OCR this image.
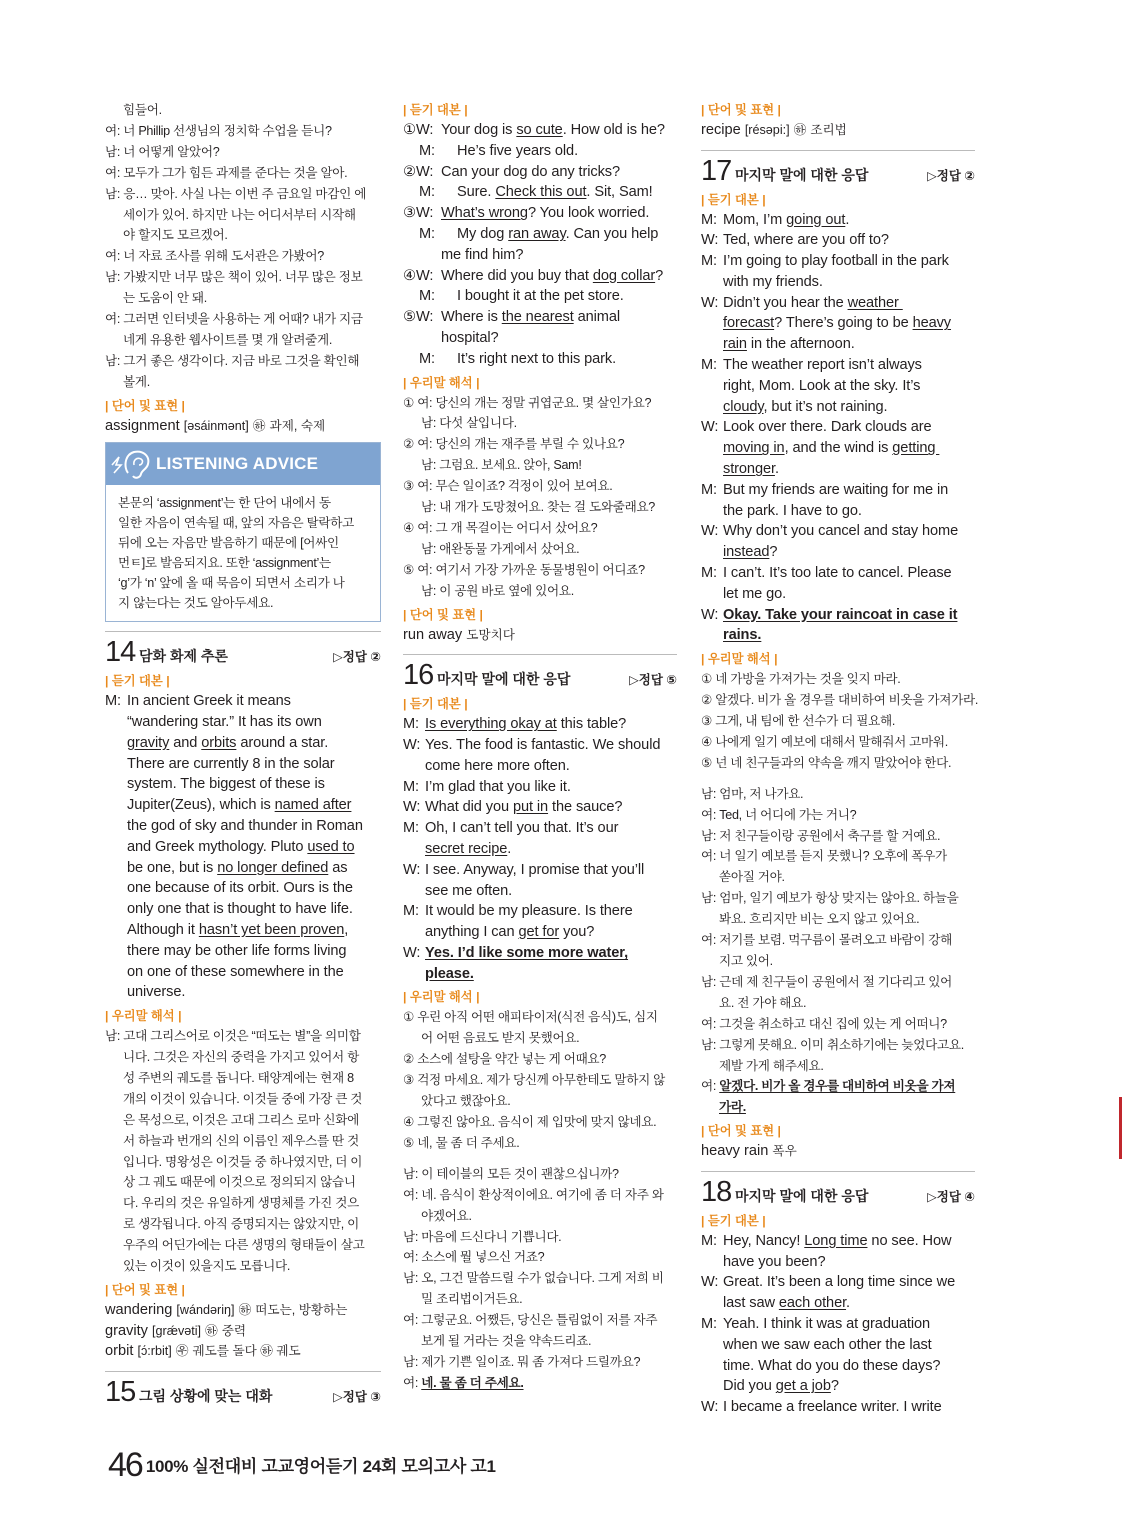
힘들어.
여: 너 Phillip 선생님의 정치학 수업을 듣니?
남: 너 어떻게 알았어?
여: 모두가 그가 힘든 과제를 준다는 것을 알아.
남: 응… 맞아. 사실 나는 이번 주 금요일 마감인 에
세이가 있어. 하지만 나는 어디서부터 시작해
야 할지도 모르겠어.
여: 너 자료 조사를 위해 도서관은 가봤어?
남: 가봤지만 너무 많은 책이 있어. 너무 많은 정보
는 도움이 안 돼.
여: 그러면 인터넷을 사용하는 게 어때? 내가 지금
네게 유용한 웹사이트를 몇 개 알려줄게.
남: 그거 좋은 생각이다. 지금 바로 그것을 확인해
볼게.
| 단어 및 표현 |
assignment [əsáinmənt] ㉻ 과제, 숙제
LISTENING ADVICE
본문의 ‘assignment’는 한 단어 내에서 동
일한 자음이 연속될 때, 앞의 자음은 탈락하고
뒤에 오는 자음만 발음하기 때문에 [어싸인
먼ㅌ]로 발음되지요. 또한 ‘assignment’는
‘g’가 ‘n’ 앞에 올 때 묵음이 되면서 소리가 나
지 않는다는 것도 알아두세요.
14 담화 화제 추론	▷정답 ②
| 듣기 대본 |
M: In ancient Greek it means
“wandering star.” It has its own
gravity and orbits around a star.
There are currently 8 in the solar
system. The biggest of these is
Jupiter(Zeus), which is named after
the god of sky and thunder in Roman
and Greek mythology. Pluto used to
be one, but is no longer defined as
one because of its orbit. Ours is the
only one that is thought to have life.
Although it hasn’t yet been proven,
there may be other life forms living
on one of these somewhere in the
universe.
| 우리말 해석 |
남: 고대 그리스어로 이것은 “떠도는 별”을 의미합
니다. 그것은 자신의 중력을 가지고 있어서 항
성 주변의 궤도를 돕니다. 태양계에는 현재 8
개의 이것이 있습니다. 이것들 중에 가장 큰 것
은 목성으로, 이것은 고대 그리스 로마 신화에
서 하늘과 번개의 신의 이름인 제우스를 딴 것
입니다. 명왕성은 이것들 중 하나였지만, 더 이
상 그 궤도 때문에 이것으로 정의되지 않습니
다. 우리의 것은 유일하게 생명체를 가진 것으
로 생각됩니다. 아직 증명되지는 않았지만, 이
우주의 어딘가에는 다른 생명의 형태들이 살고
있는 이것이 있을지도 모릅니다.
| 단어 및 표현 |
wandering [wándəriŋ] ㉻ 떠도는, 방황하는
gravity [grǽvəti] ㉻ 중력
orbit [ɔ́:rbit] ㉾ 궤도를 돌다 ㉻ 궤도
15 그림 상황에 맞는 대화	▷정답 ③
| 듣기 대본 |
①W: Your dog is so cute. How old is he?
M:	He’s five years old.
②W: Can your dog do any tricks?
M:	Sure. Check this out. Sit, Sam!
③W: What’s wrong? You look worried.
M:	My dog ran away. Can you help
me find him?
④W: Where did you buy that dog collar?
M:	I bought it at the pet store.
⑤W: Where is the nearest animal
hospital?
M:	It’s right next to this park.
| 우리말 해석 |
① 여: 당신의 개는 정말 귀엽군요. 몇 살인가요?
남: 다섯 살입니다.
② 여: 당신의 개는 재주를 부릴 수 있나요?
남: 그럼요. 보세요. 앉아, Sam!
③ 여: 무슨 일이죠? 걱정이 있어 보여요.
남: 내 개가 도망쳤어요. 찾는 걸 도와줄래요?
④ 여: 그 개 목걸이는 어디서 샀어요?
남: 애완동물 가게에서 샀어요.
⑤ 여: 여기서 가장 가까운 동물병원이 어디죠?
남: 이 공원 바로 옆에 있어요.
| 단어 및 표현 |
run away 도망치다
16 마지막 말에 대한 응답	▷정답 ⑤
| 듣기 대본 |
M: Is everything okay at this table?
W: Yes. The food is fantastic. We should
come here more often.
M: I’m glad that you like it.
W: What did you put in the sauce?
M: Oh, I can’t tell you that. It’s our
secret recipe.
W: I see. Anyway, I promise that you’ll
see me often.
M: It would be my pleasure. Is there
anything I can get for you?
W: Yes. I’d like some more water,
please.
| 우리말 해석 |
① 우린 아직 어떤 애피타이저(식전 음식)도, 심지
어 어떤 음료도 받지 못했어요.
② 소스에 설탕을 약간 넣는 게 어때요?
③ 걱정 마세요. 제가 당신께 아무한테도 말하지 않
았다고 했잖아요.
④ 그렇진 않아요. 음식이 제 입맛에 맞지 않네요.
⑤ 네, 물 좀 더 주세요.
남: 이 테이블의 모든 것이 괜찮으십니까?
여: 네. 음식이 환상적이에요. 여기에 좀 더 자주 와
야겠어요.
남: 마음에 드신다니 기쁩니다.
여: 소스에 뭘 넣으신 거죠?
남: 오, 그건 말씀드릴 수가 없습니다. 그게 저희 비
밀 조리법이거든요.
여: 그렇군요. 어쨌든, 당신은 틀림없이 저를 자주
보게 될 거라는 것을 약속드리죠.
남: 제가 기쁜 일이죠. 뭐 좀 가져다 드릴까요?
여: 네. 물 좀 더 주세요.
| 단어 및 표현 |
recipe [résəpi:] ㉻ 조리법
17 마지막 말에 대한 응답	▷정답 ②
| 듣기 대본 |
M: Mom, I’m going out.
W: Ted, where are you off to?
M: I’m going to play football in the park
with my friends.
W: Didn’t you hear the weather
forecast? There’s going to be heavy
rain in the afternoon.
M: The weather report isn’t always
right, Mom. Look at the sky. It’s
cloudy, but it’s not raining.
W: Look over there. Dark clouds are
moving in, and the wind is getting
stronger.
M: But my friends are waiting for me in
the park. I have to go.
W: Why don’t you cancel and stay home
instead?
M: I can’t. It’s too late to cancel. Please
let me go.
W: Okay. Take your raincoat in case it
rains.
| 우리말 해석 |
① 네 가방을 가져가는 것을 잊지 마라.
② 알겠다. 비가 올 경우를 대비하여 비옷을 가져가라.
③ 그게, 내 팀에 한 선수가 더 필요해.
④ 나에게 일기 예보에 대해서 말해줘서 고마워.
⑤ 넌 네 친구들과의 약속을 깨지 말았어야 한다.
남: 엄마, 저 나가요.
여: Ted, 너 어디에 가는 거니?
남: 저 친구들이랑 공원에서 축구를 할 거예요.
여: 너 일기 예보를 듣지 못했니? 오후에 폭우가
쏟아질 거야.
남: 엄마, 일기 예보가 항상 맞지는 않아요. 하늘을
봐요. 흐리지만 비는 오지 않고 있어요.
여: 저기를 보렴. 먹구름이 몰려오고 바람이 강해
지고 있어.
남: 근데 제 친구들이 공원에서 절 기다리고 있어
요. 전 가야 해요.
여: 그것을 취소하고 대신 집에 있는 게 어떠니?
남: 그렇게 못해요. 이미 취소하기에는 늦었다고요.
제발 가게 해주세요.
여: 알겠다. 비가 올 경우를 대비하여 비옷을 가져
가라.
| 단어 및 표현 |
heavy rain 폭우
18 마지막 말에 대한 응답	▷정답 ④
| 듣기 대본 |
M: Hey, Nancy! Long time no see. How
have you been?
W: Great. It’s been a long time since we
last saw each other.
M: Yeah. I think it was at graduation
when we saw each other the last
time. What do you do these days?
Did you get a job?
W: I became a freelance writer. I write
46 100% 실전대비 고교영어듣기 24회 모의고사 고1
